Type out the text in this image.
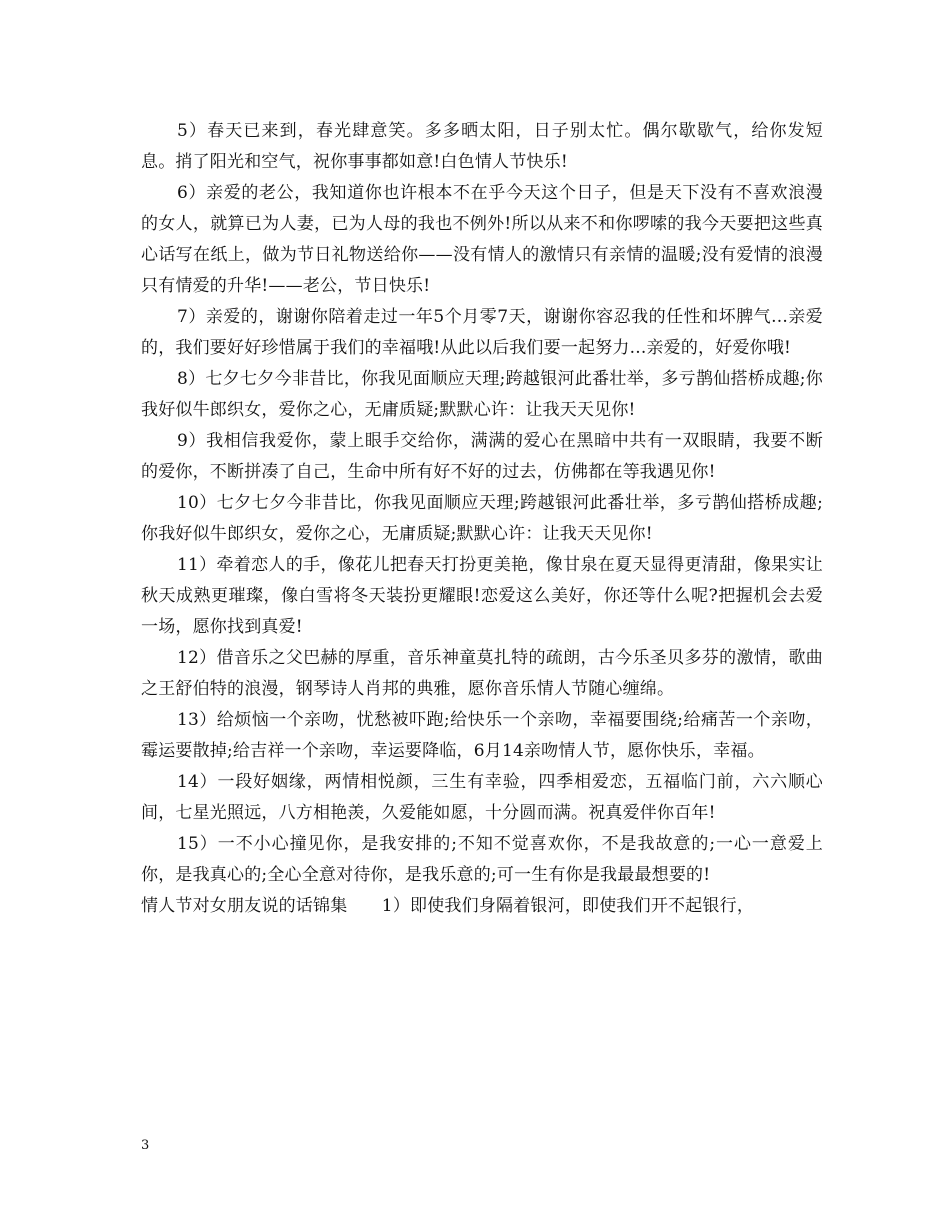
5）春天已来到，春光肆意笑。多多晒太阳，日子别太忙。偶尔歇歇气，给你发短息。捎了阳光和空气，祝你事事都如意!白色情人节快乐!

6）亲爱的老公，我知道你也许根本不在乎今天这个日子，但是天下没有不喜欢浪漫的女人，就算已为人妻，已为人母的我也不例外!所以从来不和你啰嗦的我今天要把这些真心话写在纸上，做为节日礼物送给你——没有情人的激情只有亲情的温暖;没有爱情的浪漫只有情爱的升华!——老公，节日快乐!

7）亲爱的，谢谢你陪着走过一年5个月零7天，谢谢你容忍我的任性和坏脾气...亲爱的，我们要好好珍惜属于我们的幸福哦!从此以后我们要一起努力...亲爱的，好爱你哦!

8）七夕七夕今非昔比，你我见面顺应天理;跨越银河此番壮举，多亏鹊仙搭桥成趣;你我好似牛郎织女，爱你之心，无庸质疑;默默心许：让我天天见你!

9）我相信我爱你，蒙上眼手交给你，满满的爱心在黑暗中共有一双眼睛，我要不断的爱你，不断拼凑了自己，生命中所有好不好的过去，仿佛都在等我遇见你!

10）七夕七夕今非昔比，你我见面顺应天理;跨越银河此番壮举，多亏鹊仙搭桥成趣;你我好似牛郎织女，爱你之心，无庸质疑;默默心许：让我天天见你!

11）牵着恋人的手，像花儿把春天打扮更美艳，像甘泉在夏天显得更清甜，像果实让秋天成熟更璀璨，像白雪将冬天装扮更耀眼!恋爱这么美好，你还等什么呢?把握机会去爱一场，愿你找到真爱!

12）借音乐之父巴赫的厚重，音乐神童莫扎特的疏朗，古今乐圣贝多芬的激情，歌曲之王舒伯特的浪漫，钢琴诗人肖邦的典雅，愿你音乐情人节随心缠绵。

13）给烦恼一个亲吻，忧愁被吓跑;给快乐一个亲吻，幸福要围绕;给痛苦一个亲吻，霉运要散掉;给吉祥一个亲吻，幸运要降临，6月14亲吻情人节，愿你快乐，幸福。

14）一段好姻缘，两情相悦颜，三生有幸验，四季相爱恋，五福临门前，六六顺心间，七星光照远，八方相艳羡，久爱能如愿，十分圆而满。祝真爱伴你百年!

15）一不小心撞见你，是我安排的;不知不觉喜欢你，不是我故意的;一心一意爱上你，是我真心的;全心全意对待你，是我乐意的;可一生有你是我最最想要的!

情人节对女朋友说的话锦集　　1）即使我们身隔着银河，即使我们开不起银行，

3
